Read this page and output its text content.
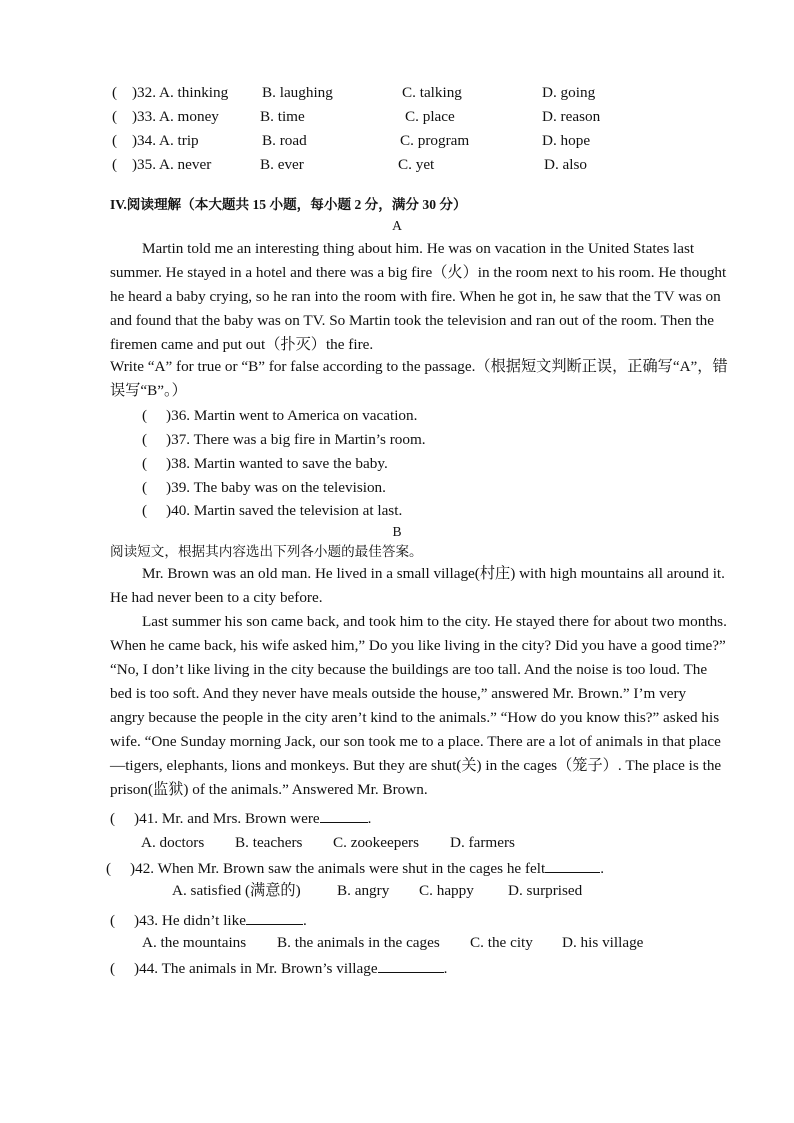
( )32. A. thinking B. laughing	C. talking	D. going
( )33. A. money	B. time	C. place	D. reason
( )34. A. trip	B. road	C. program	D. hope
( )35. A. never	B. ever	C. yet	D. also
IV.阅读理解（本大题共 15 小题，每小题 2 分，满分 30 分）
A
Martin told me an interesting thing about him. He was on vacation in the United States last
summer. He stayed in a hotel and there was a big fire（火）in the room next to his room. He thought
he heard a baby crying, so he ran into the room with fire. When he got in, he saw that the TV was on
and found that the baby was on TV. So Martin took the television and ran out of the room. Then the
firemen came and put out（扑灭）the fire.
Write “A” for true or “B” for false according to the passage.（根据短文判断正误，正确写“A”，错
误写“B”。）
(     )36. Martin went to America on vacation.
(     )37. There was a big fire in Martin’s room.
(     )38. Martin wanted to save the baby.
(     )39. The baby was on the television.
(     )40. Martin saved the television at last.
B
阅读短文，根据其内容选出下列各小题的最佳答案。
Mr. Brown was an old man. He lived in a small village(村庄) with high mountains all around it.
He had never been to a city before.
Last summer his son came back, and took him to the city. He stayed there for about two months.
When he came back, his wife asked him,” Do you like living in the city? Did you have a good time?”
“No, I don’t like living in the city because the buildings are too tall. And the noise is too loud. The
bed is too soft. And they never have meals outside the house,” answered Mr. Brown.” I’m very
angry because the people in the city aren’t kind to the animals.” “How do you know this?” asked his
wife. “One Sunday morning Jack, our son took me to a place. There are a lot of animals in that place
—tigers, elephants, lions and monkeys. But they are shut(关) in the cages（笼子）. The place is the
prison(监狱) of the animals.” Answered Mr. Brown.
(     )41. Mr. and Mrs. Brown were	.
A. doctors B. teachers C. zookeepers D. farmers
(     )42. When Mr. Brown saw the animals were shut in the cages he felt	.
A. satisfied (满意的) B. angry C. happy D. surprised
(     )43. He didn’t like	.
A. the mountains B. the animals in the cages C. the city D. his village
(     )44. The animals in Mr. Brown’s village	.
